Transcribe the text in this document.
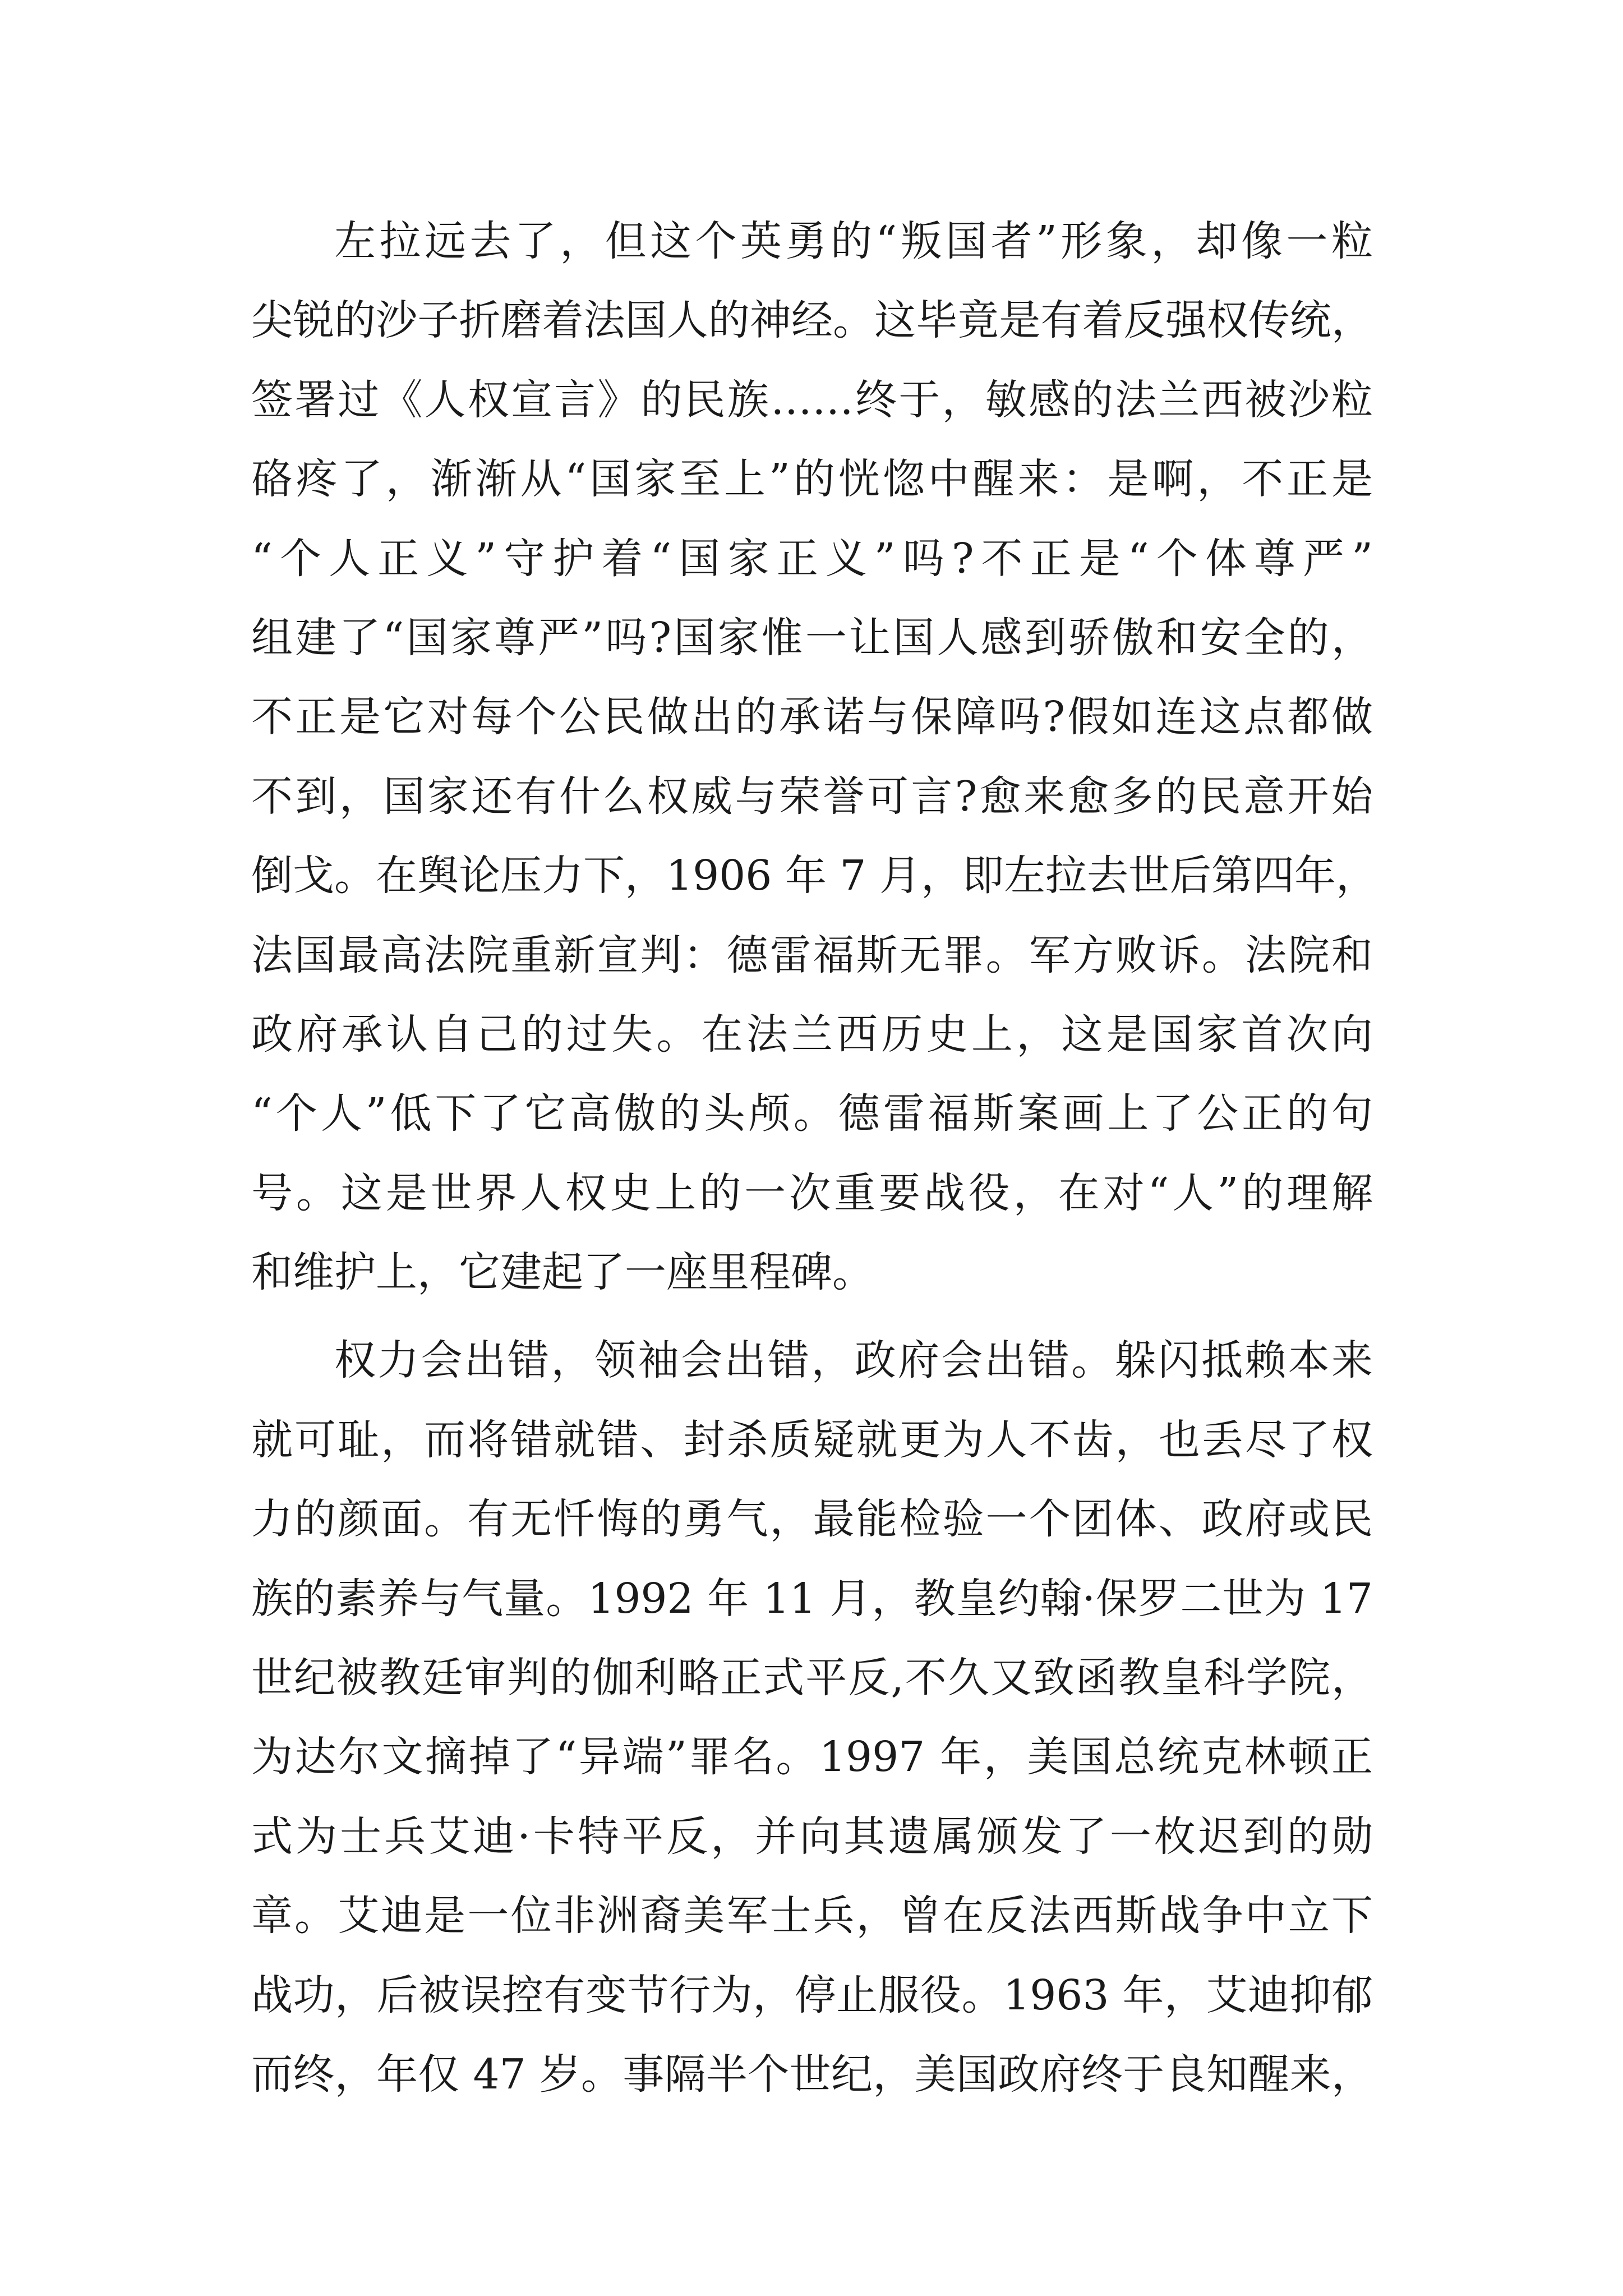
左拉远去了，但这个英勇的“叛国者”形象，却像一粒
尖锐的沙子折磨着法国人的神经。这毕竟是有着反强权传统，
签署过《人权宣言》的民族……终于，敏感的法兰西被沙粒
硌疼了，渐渐从“国家至上”的恍惚中醒来：是啊，不正是
“个人正义”守护着“国家正义”吗?不正是“个体尊严”
组建了“国家尊严”吗?国家惟一让国人感到骄傲和安全的，
不正是它对每个公民做出的承诺与保障吗?假如连这点都做
不到，国家还有什么权威与荣誉可言?愈来愈多的民意开始
倒戈。在舆论压力下，1906 年 7 月，即左拉去世后第四年，
法国最高法院重新宣判：德雷福斯无罪。军方败诉。法院和
政府承认自己的过失。在法兰西历史上，这是国家首次向
“个人”低下了它高傲的头颅。德雷福斯案画上了公正的句
号。这是世界人权史上的一次重要战役，在对“人”的理解
和维护上，它建起了一座里程碑。
权力会出错，领袖会出错，政府会出错。躲闪抵赖本来
就可耻，而将错就错、封杀质疑就更为人不齿，也丢尽了权
力的颜面。有无忏悔的勇气，最能检验一个团体、政府或民
族的素养与气量。1992 年 11 月，教皇约翰·保罗二世为 17
世纪被教廷审判的伽利略正式平反,不久又致函教皇科学院，
为达尔文摘掉了“异端”罪名。1997 年，美国总统克林顿正
式为士兵艾迪·卡特平反，并向其遗属颁发了一枚迟到的勋
章。艾迪是一位非洲裔美军士兵，曾在反法西斯战争中立下
战功，后被误控有变节行为，停止服役。1963 年，艾迪抑郁
而终，年仅 47 岁。事隔半个世纪，美国政府终于良知醒来，
